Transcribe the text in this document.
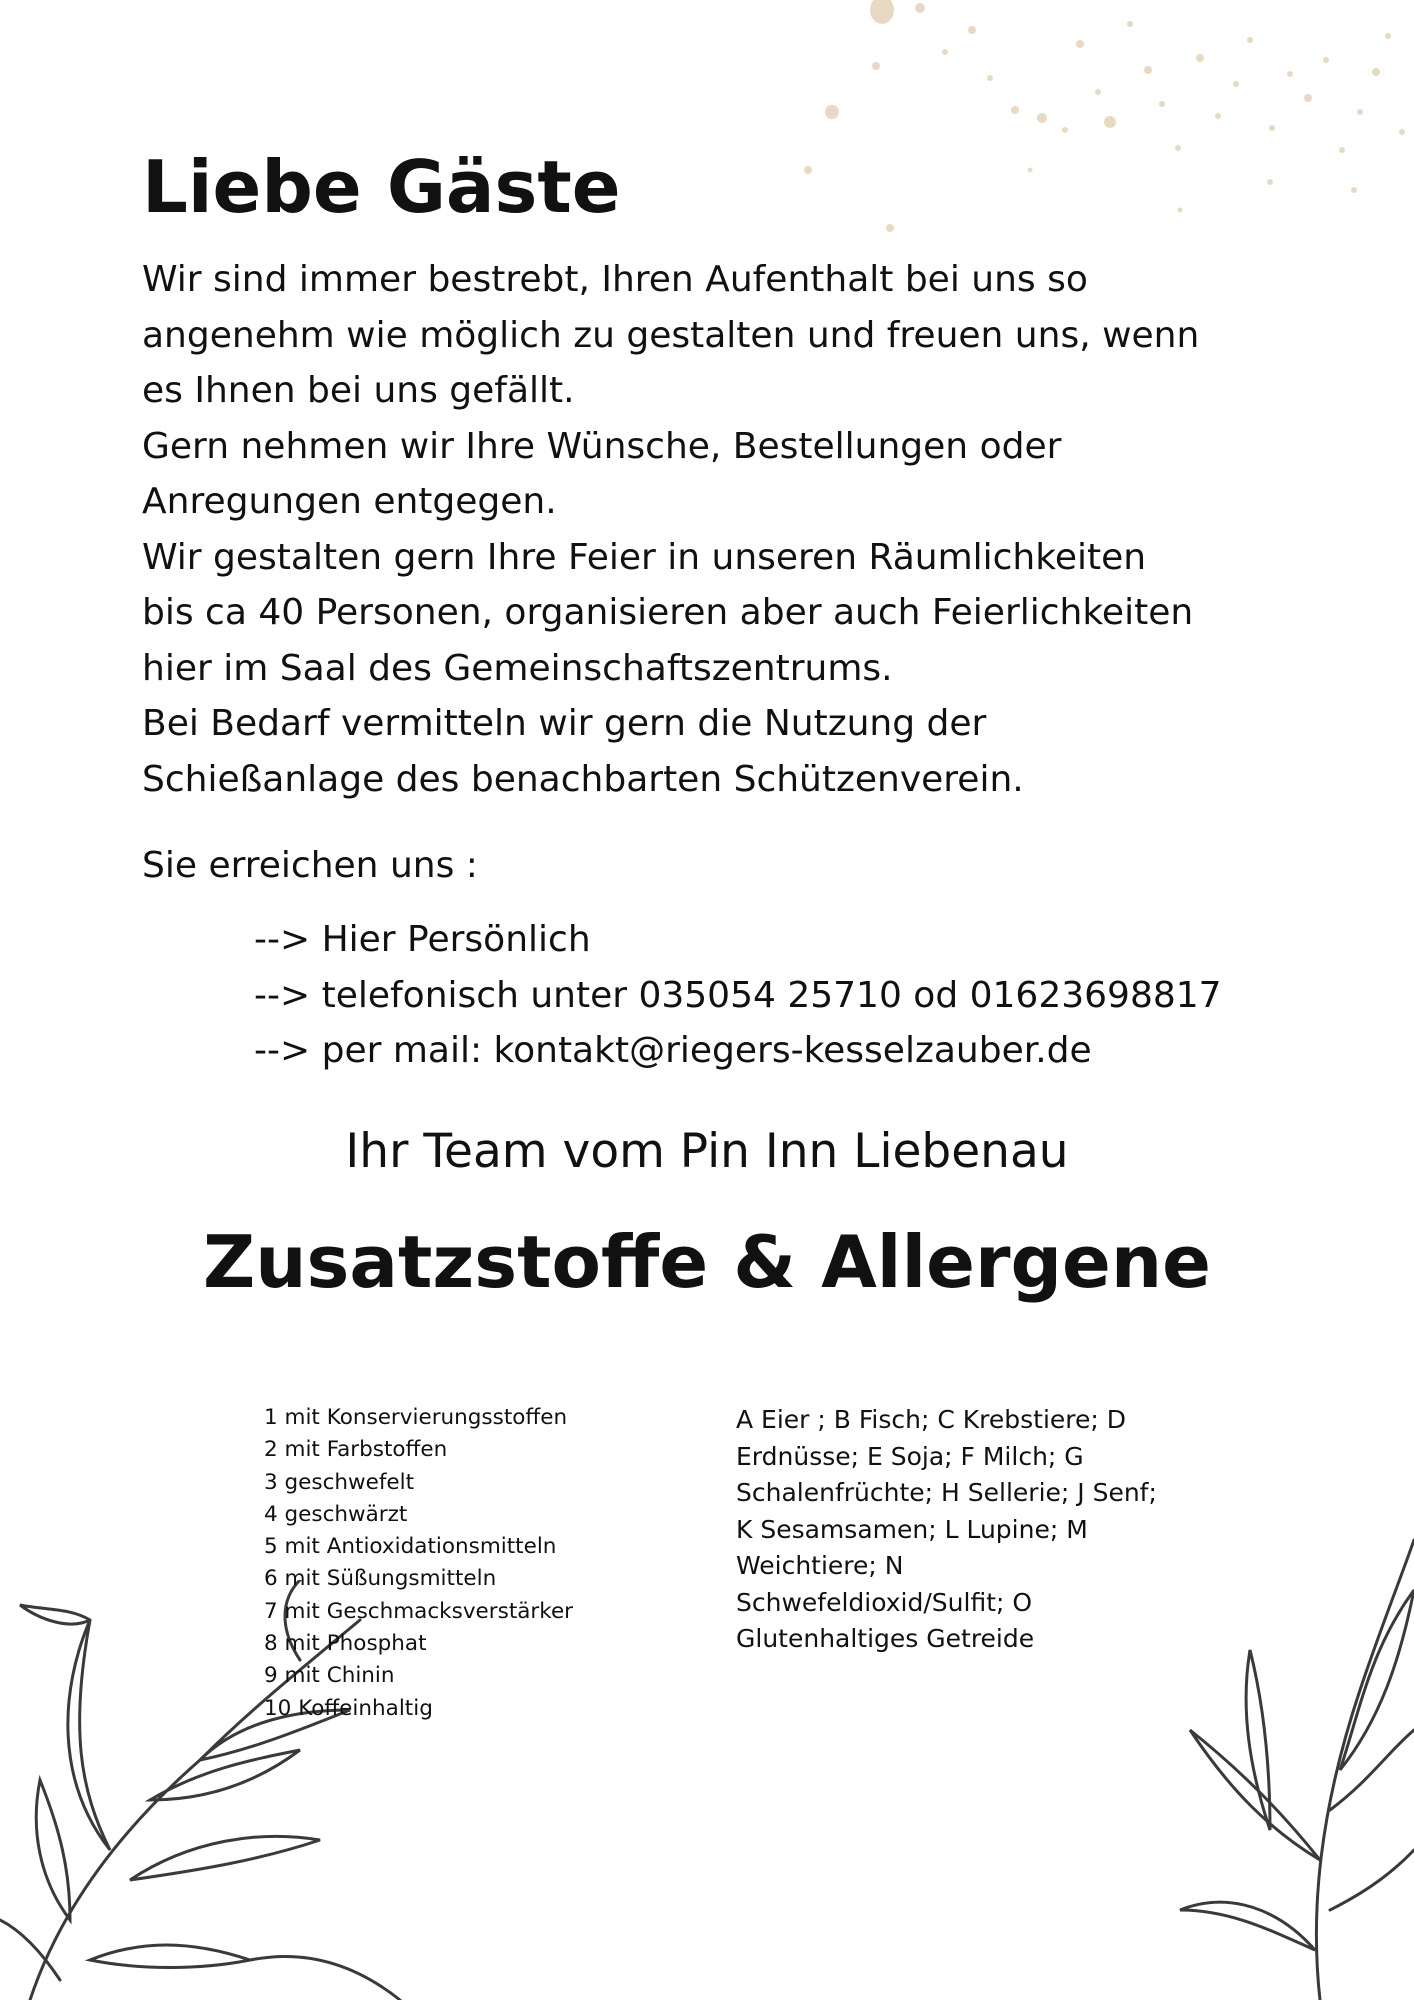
Liebe Gäste

Wir sind immer bestrebt, Ihren Aufenthalt bei uns so

angenehm wie möglich zu gestalten und freuen uns, wenn

es Ihnen bei uns gefällt.

Gern nehmen wir Ihre Wünsche, Bestellungen oder

Anregungen entgegen.

Wir gestalten gern Ihre Feier in unseren Räumlichkeiten

bis ca 40 Personen, organisieren aber auch Feierlichkeiten

hier im Saal des Gemeinschaftszentrums.

Bei Bedarf vermitteln wir gern die Nutzung der

Schießanlage des benachbarten Schützenverein.

Sie erreichen uns :
--> Hier Persönlich
--> telefonisch unter 035054 25710 od 01623698817
--> per mail: kontakt@riegers-kesselzauber.de
Ihr Team vom Pin Inn Liebenau
Zusatzstoffe & Allergene
1 mit Konservierungsstoffen
2 mit Farbstoffen
3 geschwefelt
4 geschwärzt
5 mit Antioxidationsmitteln
6 mit Süßungsmitteln
7 mit Geschmacksverstärker
8 mit Phosphat
9 mit Chinin
10 Koffeinhaltig

A Eier ; B Fisch; C Krebstiere; D Erdnüsse; E Soja; F Milch; G Schalenfrüchte; H Sellerie; J Senf; K Sesamsamen; L Lupine; M Weichtiere; N Schwefeldioxid/Sulfit; O Glutenhaltiges Getreide
